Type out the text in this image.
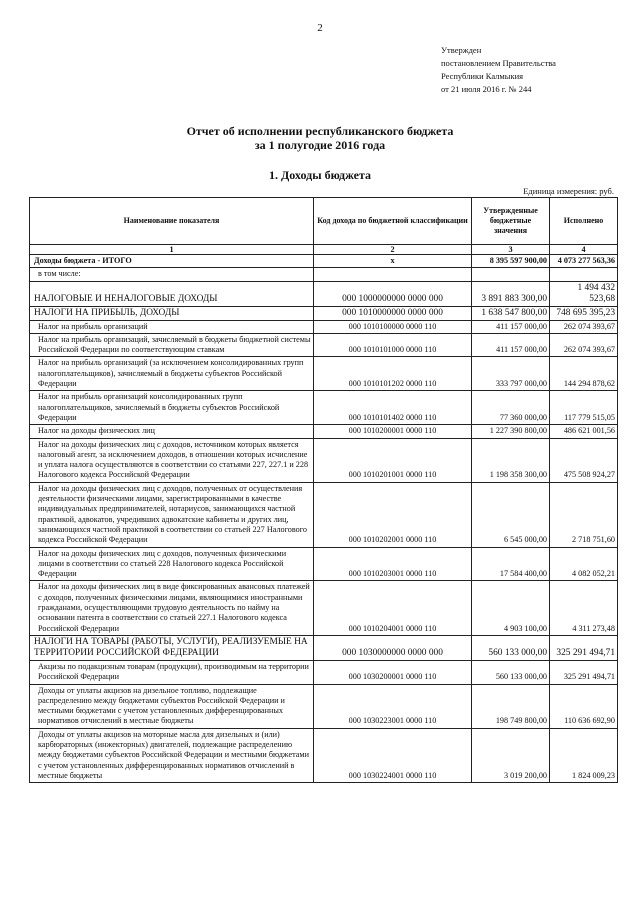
2
Утвержден
постановлением Правительства
Республики Калмыкия
от 21 июля 2016 г. № 244
Отчет об исполнении республиканского бюджета
за 1 полугодие 2016 года
1. Доходы бюджета
Единица измерения: руб.
Наименование показателя	Код дохода по бюджетной классификации	Утвержденные бюджетные значения	Исполнено
1	2	3	4
Доходы бюджета - ИТОГО	х	8 395 597 900,00	4 073 277 563,36
в том числе:			
НАЛОГОВЫЕ И НЕНАЛОГОВЫЕ ДОХОДЫ	000 1000000000 0000 000	3 891 883 300,00	1 494 432 523,68
НАЛОГИ НА ПРИБЫЛЬ, ДОХОДЫ	000 1010000000 0000 000	1 638 547 800,00	748 695 395,23
Налог на прибыль организаций	000 1010100000 0000 110	411 157 000,00	262 074 393,67
Налог на прибыль организаций, зачисляемый в бюджеты бюджетной системы Российской Федерации по соответствующим ставкам	000 1010101000 0000 110	411 157 000,00	262 074 393,67
Налог на прибыль организаций (за исключением консолидированных групп налогоплательщиков), зачисляемый в бюджеты субъектов Российской Федерации	000 1010101202 0000 110	333 797 000,00	144 294 878,62
Налог на прибыль организаций консолидированных групп налогоплательщиков, зачисляемый в бюджеты субъектов Российской Федерации	000 1010101402 0000 110	77 360 000,00	117 779 515,05
Налог на доходы физических лиц	000 1010200001 0000 110	1 227 390 800,00	486 621 001,56
Налог на доходы физических лиц с доходов, источником которых является налоговый агент, за исключением доходов, в отношении которых исчисление и уплата налога осуществляются в соответствии со статьями 227, 227.1 и 228 Налогового кодекса Российской Федерации	000 1010201001 0000 110	1 198 358 300,00	475 508 924,27
Налог на доходы физических лиц с доходов, полученных от осуществления деятельности физическими лицами, зарегистрированными в качестве индивидуальных предпринимателей, нотариусов, занимающихся частной практикой, адвокатов, учредивших адвокатские кабинеты и других лиц, занимающихся частной практикой в соответствии со статьей 227 Налогового кодекса Российской Федерации	000 1010202001 0000 110	6 545 000,00	2 718 751,60
Налог на доходы физических лиц с доходов, полученных физическими лицами в соответствии со статьей 228 Налогового кодекса Российской Федерации	000 1010203001 0000 110	17 584 400,00	4 082 052,21
Налог на доходы физических лиц в виде фиксированных авансовых платежей с доходов, полученных физическими лицами, являющимися иностранными гражданами, осуществляющими трудовую деятельность по найму на основании патента в соответствии со статьей 227.1 Налогового кодекса Российской Федерации	000 1010204001 0000 110	4 903 100,00	4 311 273,48
НАЛОГИ НА ТОВАРЫ (РАБОТЫ, УСЛУГИ), РЕАЛИЗУЕМЫЕ НА ТЕРРИТОРИИ РОССИЙСКОЙ ФЕДЕРАЦИИ	000 1030000000 0000 000	560 133 000,00	325 291 494,71
Акцизы по подакцизным товарам (продукции), производимым на территории Российской Федерации	000 1030200001 0000 110	560 133 000,00	325 291 494,71
Доходы от уплаты акцизов на дизельное топливо, подлежащие распределению между бюджетами субъектов Российской Федерации и местными бюджетами с учетом установленных дифференцированных нормативов отчислений в местные бюджеты	000 1030223001 0000 110	198 749 800,00	110 636 692,90
Доходы от уплаты акцизов на моторные масла для дизельных и (или) карбюраторных (инжекторных) двигателей, подлежащие распределению между бюджетами субъектов Российской Федерации и местными бюджетами с учетом установленных дифференцированных нормативов отчислений в местные бюджеты	000 1030224001 0000 110	3 019 200,00	1 824 009,23
